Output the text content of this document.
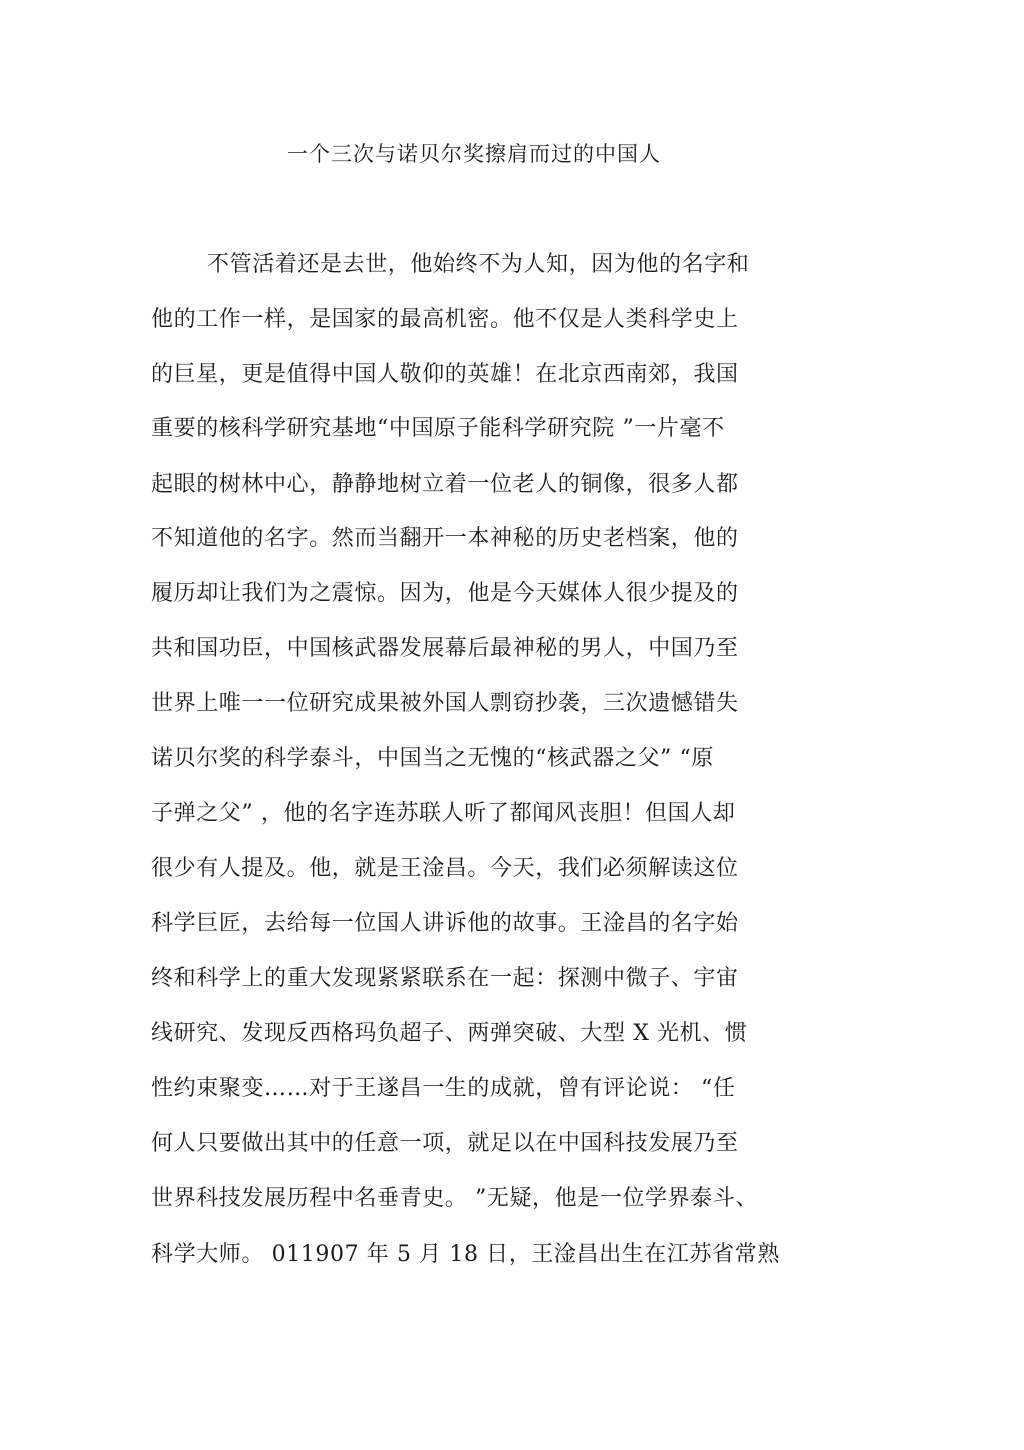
一个三次与诺贝尔奖擦肩而过的中国人
不管活着还是去世，他始终不为人知，因为他的名字和
他的工作一样，是国家的最高机密。他不仅是人类科学史上
的巨星，更是值得中国人敬仰的英雄！在北京西南郊，我国
重要的核科学研究基地“中国原子能科学研究院 ”一片毫不
起眼的树林中心，静静地树立着一位老人的铜像，很多人都
不知道他的名字。然而当翻开一本神秘的历史老档案，他的
履历却让我们为之震惊。因为，他是今天媒体人很少提及的
共和国功臣，中国核武器发展幕后最神秘的男人，中国乃至
世界上唯一一位研究成果被外国人剽窃抄袭，三次遗憾错失
诺贝尔奖的科学泰斗，中国当之无愧的“核武器之父” “原
子弹之父” ，他的名字连苏联人听了都闻风丧胆！但国人却
很少有人提及。他，就是王淦昌。今天，我们必须解读这位
科学巨匠，去给每一位国人讲诉他的故事。王淦昌的名字始
终和科学上的重大发现紧紧联系在一起：探测中微子、宇宙
线研究、发现反西格玛负超子、两弹突破、大型 X 光机、惯
性约束聚变……对于王遂昌一生的成就，曾有评论说： “任
何人只要做出其中的任意一项，就足以在中国科技发展乃至
世界科技发展历程中名垂青史。 ”无疑，他是一位学界泰斗、
科学大师。 011907 年 5 月 18 日，王淦昌出生在江苏省常熟
